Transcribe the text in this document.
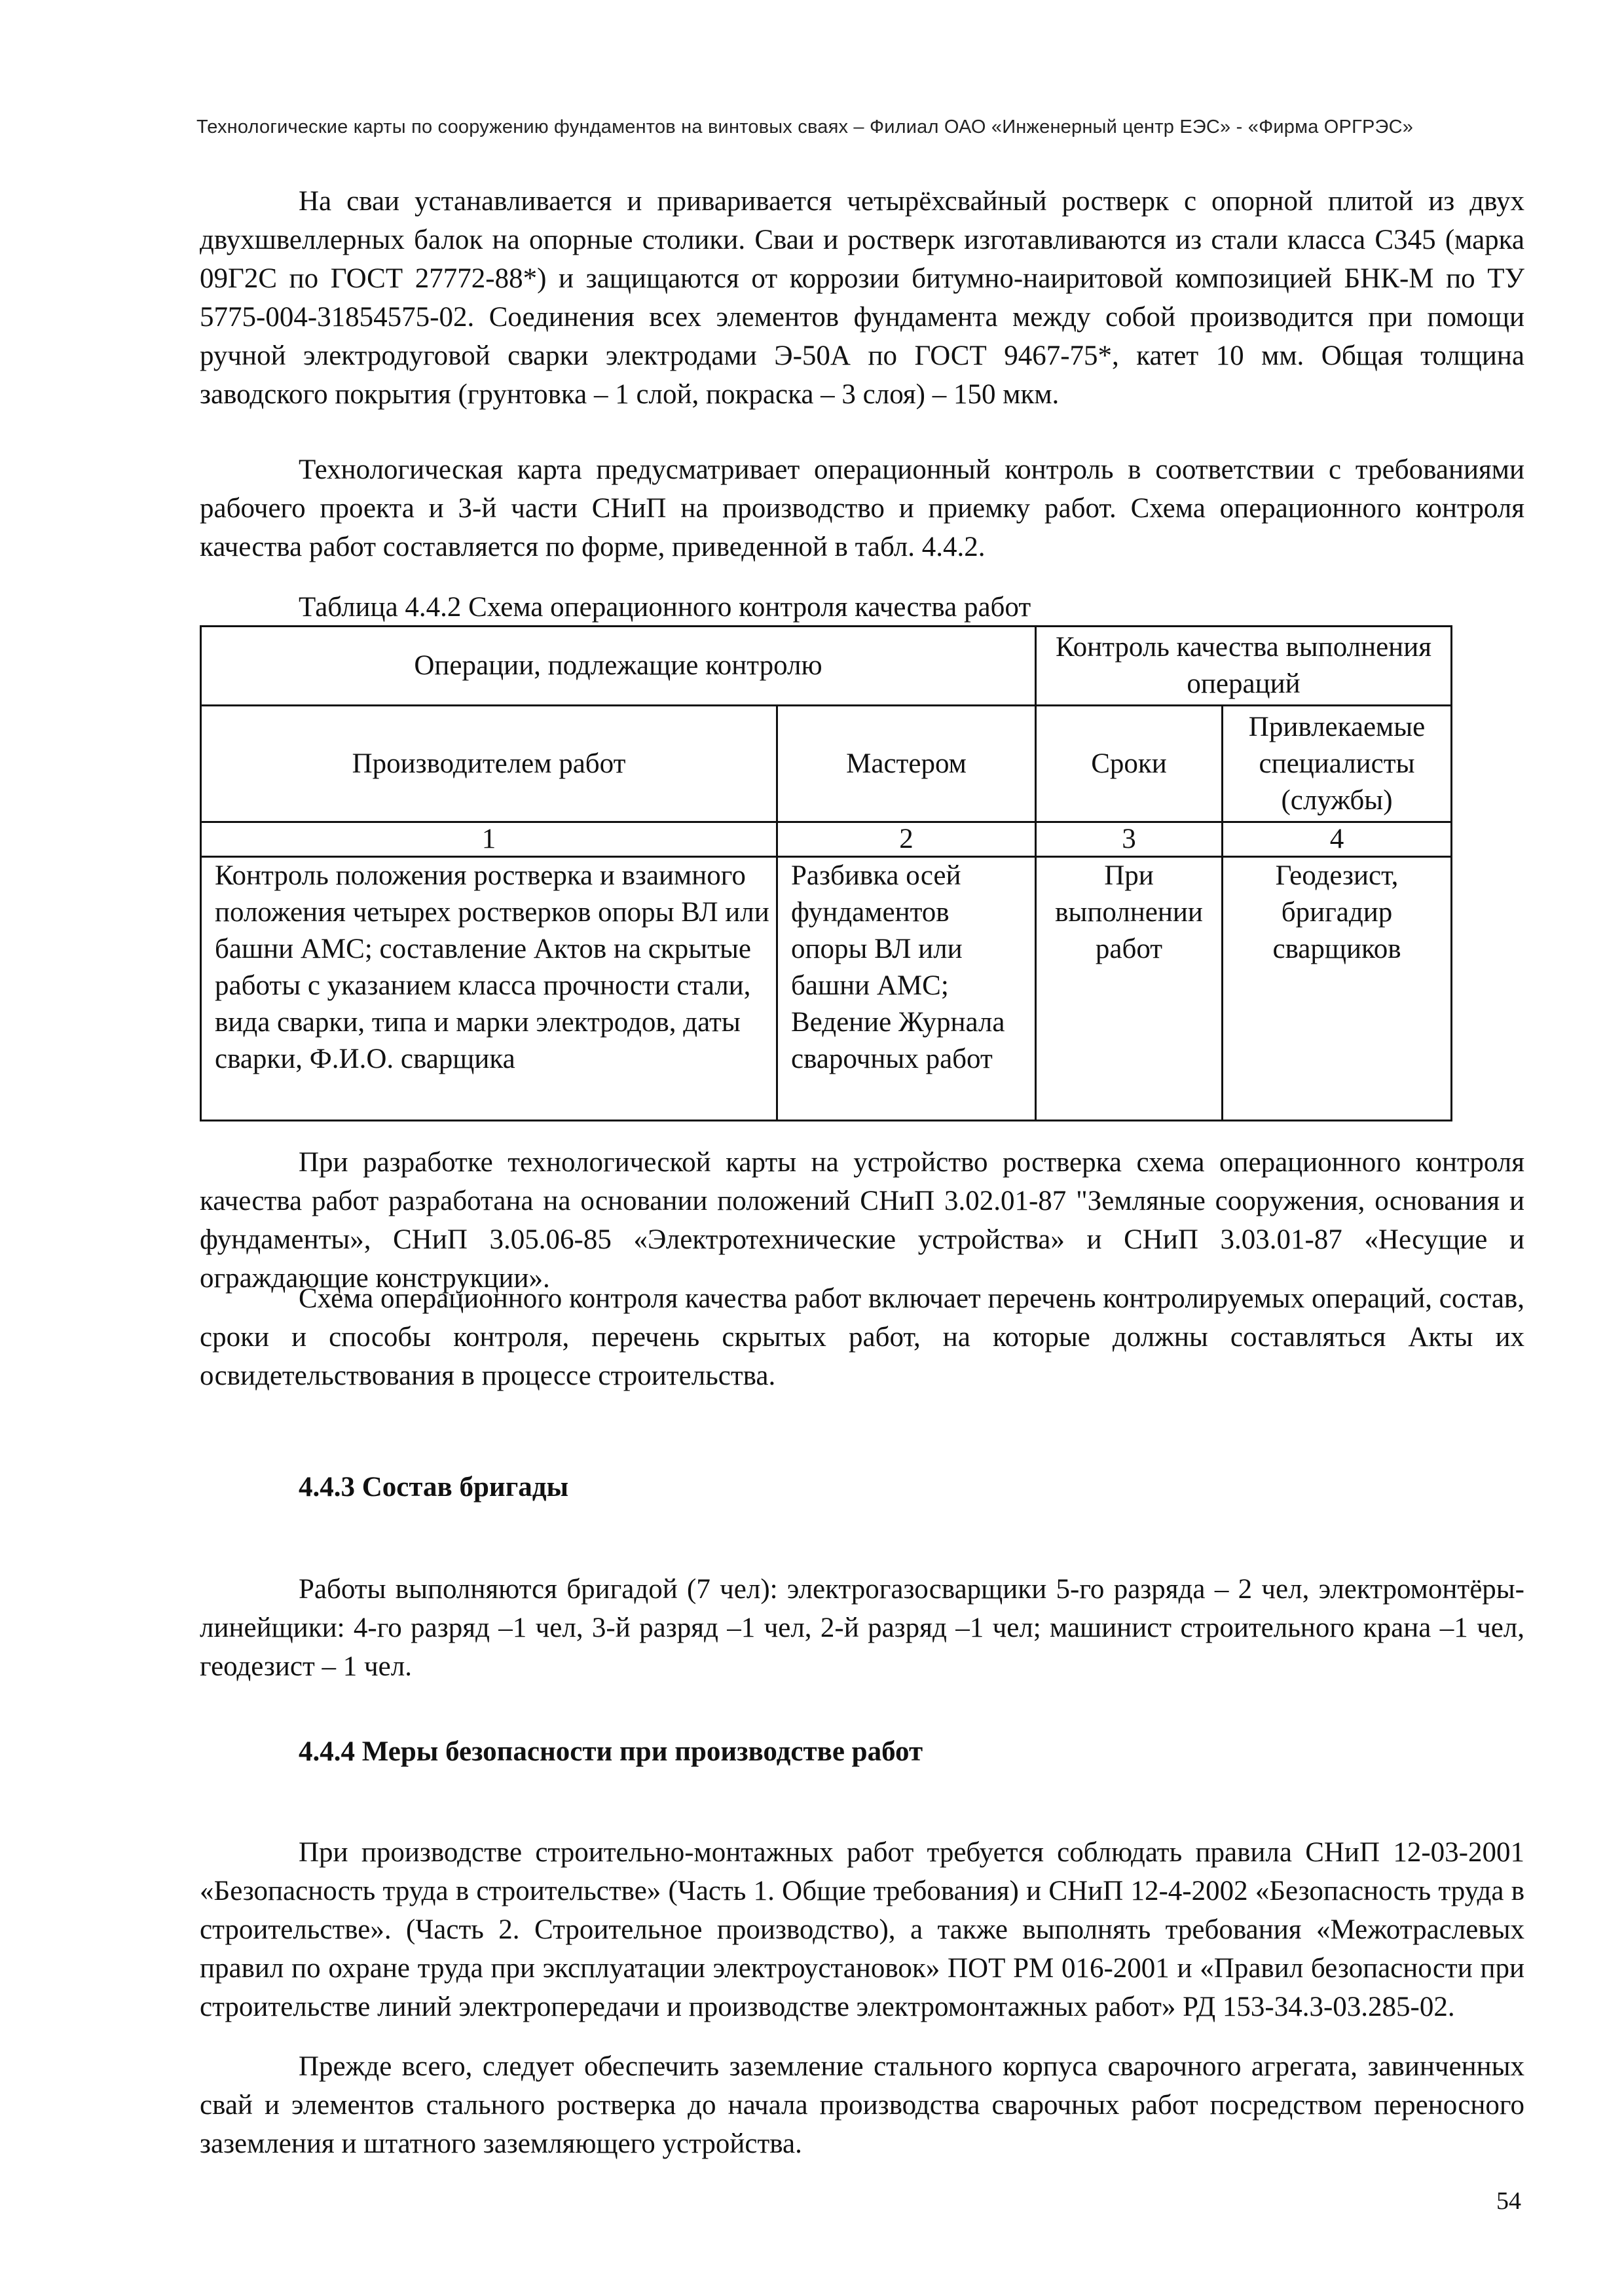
Технологические карты по сооружению фундаментов на винтовых сваях – Филиал ОАО «Инженерный центр ЕЭС» - «Фирма ОРГРЭС»

На сваи устанавливается и приваривается четырёхсвайный ростверк с опорной плитой из двух двухшвеллерных балок на опорные столики. Сваи и ростверк изготавливаются из стали класса С345 (марка 09Г2С по ГОСТ 27772-88*) и защищаются от коррозии битумно-наиритовой композицией БНК-М по ТУ 5775-004-31854575-02. Соединения всех элементов фундамента между собой производится при помощи ручной электродуговой сварки электродами Э-50А по ГОСТ 9467-75*, катет 10 мм. Общая толщина заводского покрытия (грунтовка – 1 слой, покраска – 3 слоя) – 150 мкм.

Технологическая карта предусматривает операционный контроль в соответствии с требованиями рабочего проекта и 3-й части СНиП на производство и приемку работ. Схема операционного контроля качества работ составляется по форме, приведенной в табл. 4.4.2.

Таблица 4.4.2 Схема операционного контроля качества работ
Операции, подлежащие контролю		Контроль качества выполнения операций	
Производителем работ	Мастером	Сроки	Привлекаемые специалисты (службы)
1	2	3	4
Контроль положения ростверка и взаимного положения четырех ростверков опоры ВЛ или башни АМС; составление Актов на скрытые работы с указанием класса прочности стали, вида сварки, типа и марки электродов, даты сварки, Ф.И.О. сварщика	Разбивка осей фундаментов опоры ВЛ или башни АМС; Ведение Журнала сварочных работ	При выполнении работ	Геодезист, бригадир сварщиков

При разработке технологической карты на устройство ростверка схема операционного контроля качества работ разработана на основании положений СНиП 3.02.01-87 "Земляные сооружения, основания и фундаменты», СНиП 3.05.06-85 «Электротехнические устройства» и СНиП 3.03.01-87 «Несущие и ограждающие конструкции».

Схема операционного контроля качества работ включает перечень контролируемых операций, состав, сроки и способы контроля, перечень скрытых работ, на которые должны составляться Акты их освидетельствования в процессе строительства.

4.4.3 Состав бригады

Работы выполняются бригадой (7 чел): электрогазосварщики 5-го разряда – 2 чел, электромонтёры-линейщики: 4-го разряд –1 чел, 3-й разряд –1 чел, 2-й разряд –1 чел; машинист строительного крана –1 чел, геодезист – 1 чел.

4.4.4 Меры безопасности при производстве работ

При производстве строительно-монтажных работ требуется соблюдать правила СНиП 12-03-2001 «Безопасность труда в строительстве» (Часть 1. Общие требования) и СНиП 12-4-2002 «Безопасность труда в строительстве». (Часть 2. Строительное производство), а также выполнять требования «Межотраслевых правил по охране труда при эксплуатации электроустановок» ПОТ РМ 016-2001 и «Правил безопасности при строительстве линий электропередачи и производстве электромонтажных работ» РД 153-34.3-03.285-02.

Прежде всего, следует обеспечить заземление стального корпуса сварочного агрегата, завинченных свай и элементов стального ростверка до начала производства сварочных работ посредством переносного заземления и штатного заземляющего устройства.

54
